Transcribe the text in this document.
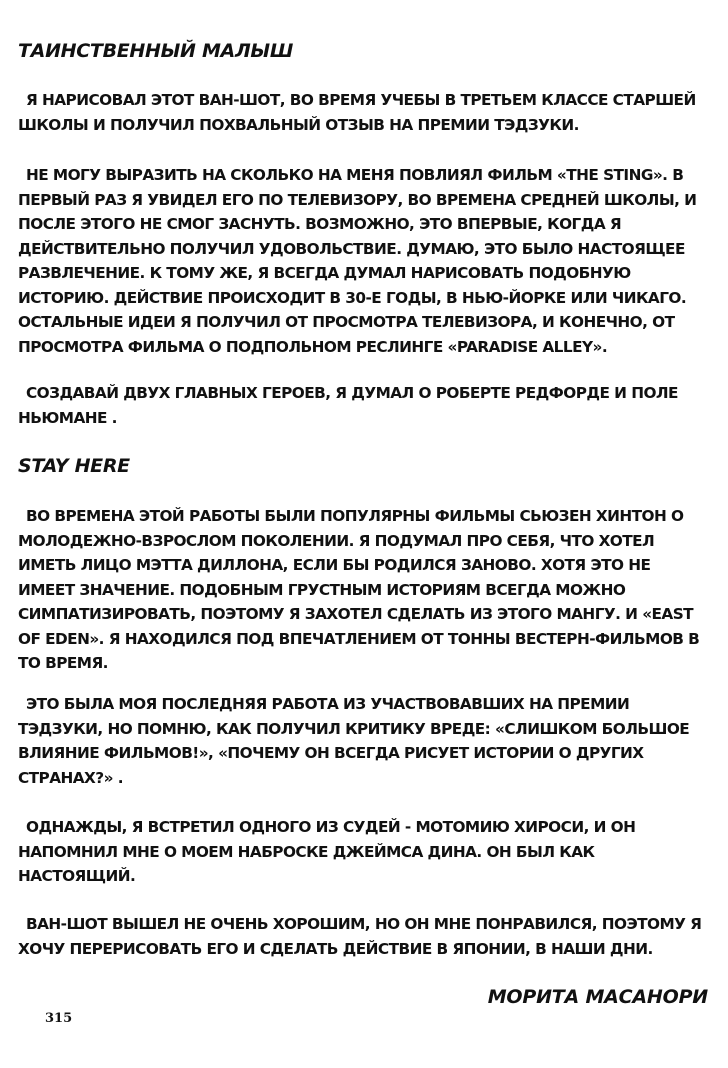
ТАИНСТВЕННЫЙ МАЛЫШ

Я НАРИСОВАЛ ЭТОТ ВАН-ШОТ, ВО ВРЕМЯ УЧЕБЫ В ТРЕТЬЕМ КЛАССЕ СТАРШЕЙ ШКОЛЫ И ПОЛУЧИЛ ПОХВАЛЬНЫЙ ОТЗЫВ НА ПРЕМИИ ТЭДЗУКИ.

НЕ МОГУ ВЫРАЗИТЬ НА СКОЛЬКО НА МЕНЯ ПОВЛИЯЛ ФИЛЬМ «THE STING». В ПЕРВЫЙ РАЗ Я УВИДЕЛ ЕГО ПО ТЕЛЕВИЗОРУ, ВО ВРЕМЕНА СРЕДНЕЙ ШКОЛЫ, И ПОСЛЕ ЭТОГО НЕ СМОГ ЗАСНУТЬ. ВОЗМОЖНО, ЭТО ВПЕРВЫЕ, КОГДА Я ДЕЙСТВИТЕЛЬНО ПОЛУЧИЛ УДОВОЛЬСТВИЕ. ДУМАЮ, ЭТО БЫЛО НАСТОЯЩЕЕ РАЗВЛЕЧЕНИЕ. К ТОМУ ЖЕ, Я ВСЕГДА ДУМАЛ НАРИСОВАТЬ ПОДОБНУЮ ИСТОРИЮ. ДЕЙСТВИЕ ПРОИСХОДИТ В 30-Е ГОДЫ, В НЬЮ-ЙОРКЕ ИЛИ ЧИКАГО. ОСТАЛЬНЫЕ ИДЕИ Я ПОЛУЧИЛ ОТ ПРОСМОТРА ТЕЛЕВИЗОРА, И КОНЕЧНО, ОТ ПРОСМОТРА ФИЛЬМА О ПОДПОЛЬНОМ РЕСЛИНГЕ «PARADISE ALLEY».

СОЗДАВАЙ ДВУХ ГЛАВНЫХ ГЕРОЕВ, Я ДУМАЛ О РОБЕРТЕ РЕДФОРДЕ И ПОЛЕ НЬЮМАНЕ .

STAY HERE

ВО ВРЕМЕНА ЭТОЙ РАБОТЫ БЫЛИ ПОПУЛЯРНЫ ФИЛЬМЫ СЬЮЗЕН ХИНТОН О МОЛОДЕЖНО-ВЗРОСЛОМ ПОКОЛЕНИИ. Я ПОДУМАЛ ПРО СЕБЯ, ЧТО ХОТЕЛ ИМЕТЬ ЛИЦО МЭТТА ДИЛЛОНА, ЕСЛИ БЫ РОДИЛСЯ ЗАНОВО. ХОТЯ ЭТО НЕ ИМЕЕТ ЗНАЧЕНИЕ. ПОДОБНЫМ ГРУСТНЫМ ИСТОРИЯМ ВСЕГДА МОЖНО СИМПАТИЗИРОВАТЬ, ПОЭТОМУ Я ЗАХОТЕЛ СДЕЛАТЬ ИЗ ЭТОГО МАНГУ. И «EAST OF EDEN». Я НАХОДИЛСЯ ПОД ВПЕЧАТЛЕНИЕМ ОТ ТОННЫ ВЕСТЕРН-ФИЛЬМОВ В ТО ВРЕМЯ.

ЭТО БЫЛА МОЯ ПОСЛЕДНЯЯ РАБОТА ИЗ УЧАСТВОВАВШИХ НА ПРЕМИИ ТЭДЗУКИ, НО ПОМНЮ, КАК ПОЛУЧИЛ КРИТИКУ ВРЕДЕ: «СЛИШКОМ БОЛЬШОЕ ВЛИЯНИЕ ФИЛЬМОВ!», «ПОЧЕМУ ОН ВСЕГДА РИСУЕТ ИСТОРИИ О ДРУГИХ СТРАНАХ?» .

ОДНАЖДЫ, Я ВСТРЕТИЛ ОДНОГО ИЗ СУДЕЙ - МОТОМИЮ ХИРОСИ, И ОН НАПОМНИЛ МНЕ О МОЕМ НАБРОСКЕ ДЖЕЙМСА ДИНА. ОН БЫЛ КАК НАСТОЯЩИЙ.

ВАН-ШОТ ВЫШЕЛ НЕ ОЧЕНЬ ХОРОШИМ, НО ОН МНЕ ПОНРАВИЛСЯ, ПОЭТОМУ Я ХОЧУ ПЕРЕРИСОВАТЬ ЕГО И СДЕЛАТЬ ДЕЙСТВИЕ В ЯПОНИИ, В НАШИ ДНИ.

МОРИТА МАСАНОРИ
315
